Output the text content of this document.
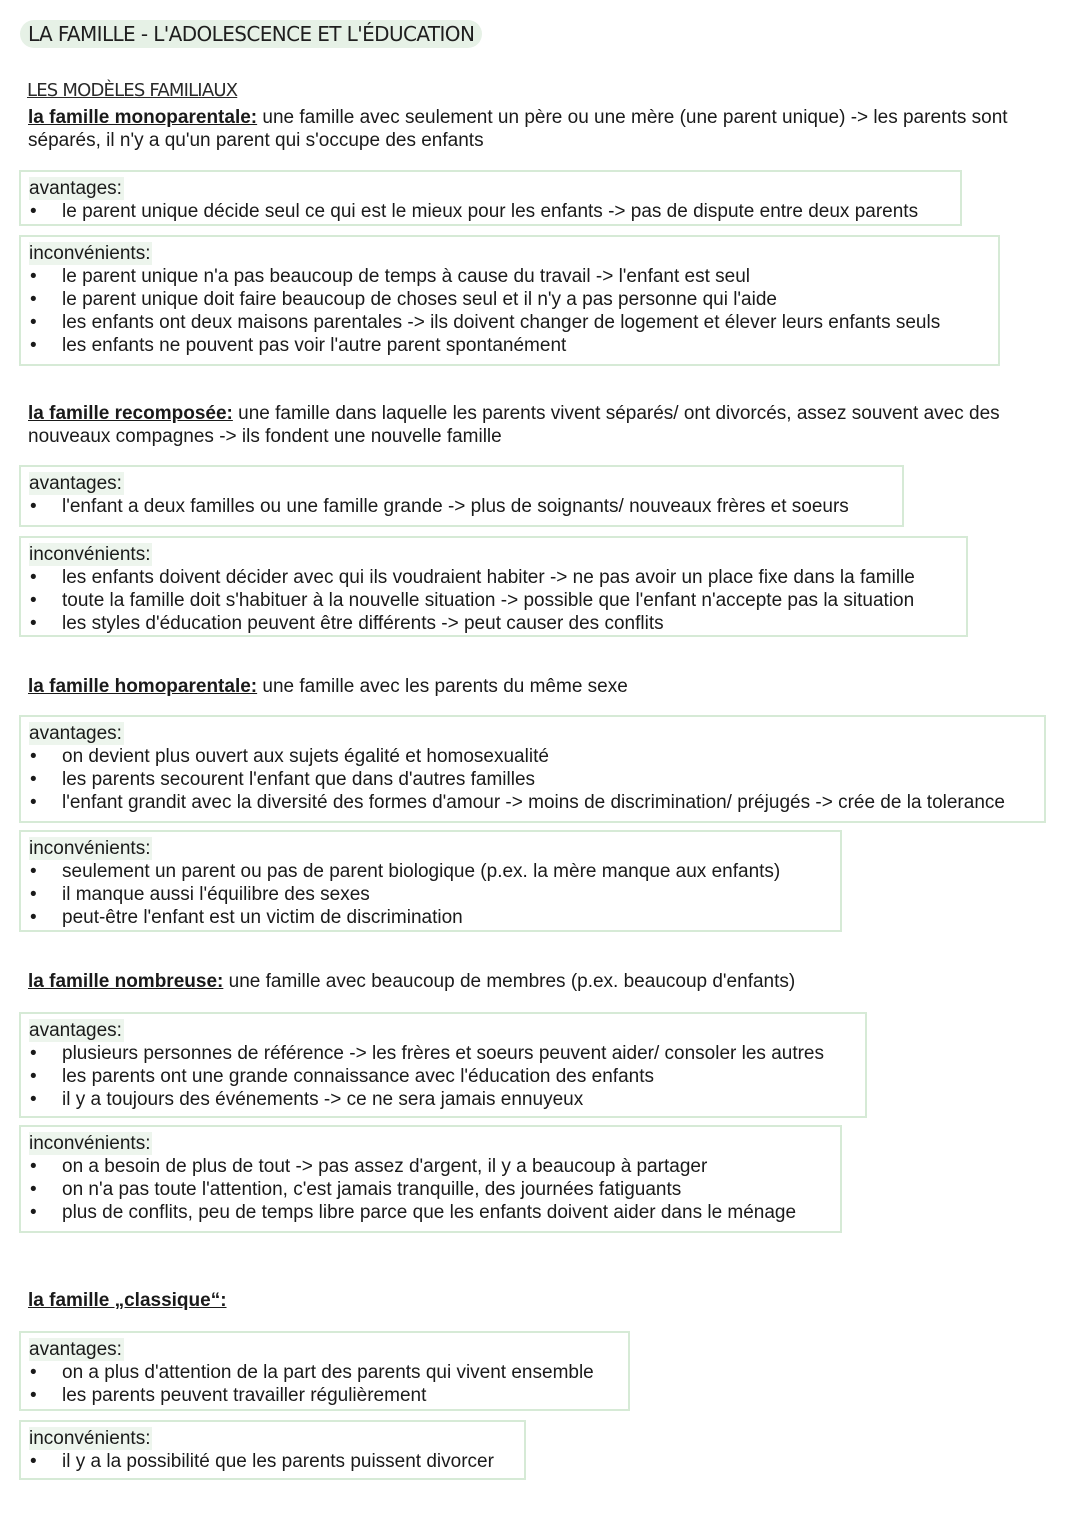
LA FAMILLE - L'ADOLESCENCE ET L'ÉDUCATION
LES MODÈLES FAMILIAUX
la famille monoparentale: une famille avec seulement un père ou une mère (une parent unique) -> les parents sont séparés, il n'y a qu'un parent qui s'occupe des enfants
avantages:
• le parent unique décide seul ce qui est le mieux pour les enfants -> pas de dispute entre deux parents
inconvénients:
• le parent unique n'a pas beaucoup de temps à cause du travail -> l'enfant est seul
• le parent unique doit faire beaucoup de choses seul et il n'y a pas personne qui l'aide
• les enfants ont deux maisons parentales -> ils doivent changer de logement et élever leurs enfants seuls
• les enfants ne pouvent pas voir l'autre parent spontanément
la famille recomposée: une famille dans laquelle les parents vivent séparés/ ont divorcés, assez souvent avec des nouveaux compagnes -> ils fondent une nouvelle famille
avantages:
• l'enfant a deux familles ou une famille grande -> plus de soignants/ nouveaux frères et soeurs
inconvénients:
• les enfants doivent décider avec qui ils voudraient habiter -> ne pas avoir un place fixe dans la famille
• toute la famille doit s'habituer à la nouvelle situation -> possible que l'enfant n'accepte pas la situation
• les styles d'éducation peuvent être différents -> peut causer des conflits
la famille homoparentale: une famille avec les parents du même sexe
avantages:
• on devient plus ouvert aux sujets égalité et homosexualité
• les parents secourent l'enfant que dans d'autres familles
• l'enfant grandit avec la diversité des formes d'amour -> moins de discrimination/ préjugés -> crée de la tolerance
inconvénients:
• seulement un parent ou pas de parent biologique (p.ex. la mère manque aux enfants)
• il manque aussi l'équilibre des sexes
• peut-être l'enfant est un victim de discrimination
la famille nombreuse: une famille avec beaucoup de membres (p.ex. beaucoup d'enfants)
avantages:
• plusieurs personnes de référence -> les frères et soeurs peuvent aider/ consoler les autres
• les parents ont une grande connaissance avec l'éducation des enfants
• il y a toujours des événements -> ce ne sera jamais ennuyeux
inconvénients:
• on a besoin de plus de tout -> pas assez d'argent, il y a beaucoup à partager
• on n'a pas toute l'attention, c'est jamais tranquille, des journées fatiguants
• plus de conflits, peu de temps libre parce que les enfants doivent aider dans le ménage
la famille „classique“:
avantages:
• on a plus d'attention de la part des parents qui vivent ensemble
• les parents peuvent travailler régulièrement
inconvénients:
• il y a la possibilité que les parents puissent divorcer
